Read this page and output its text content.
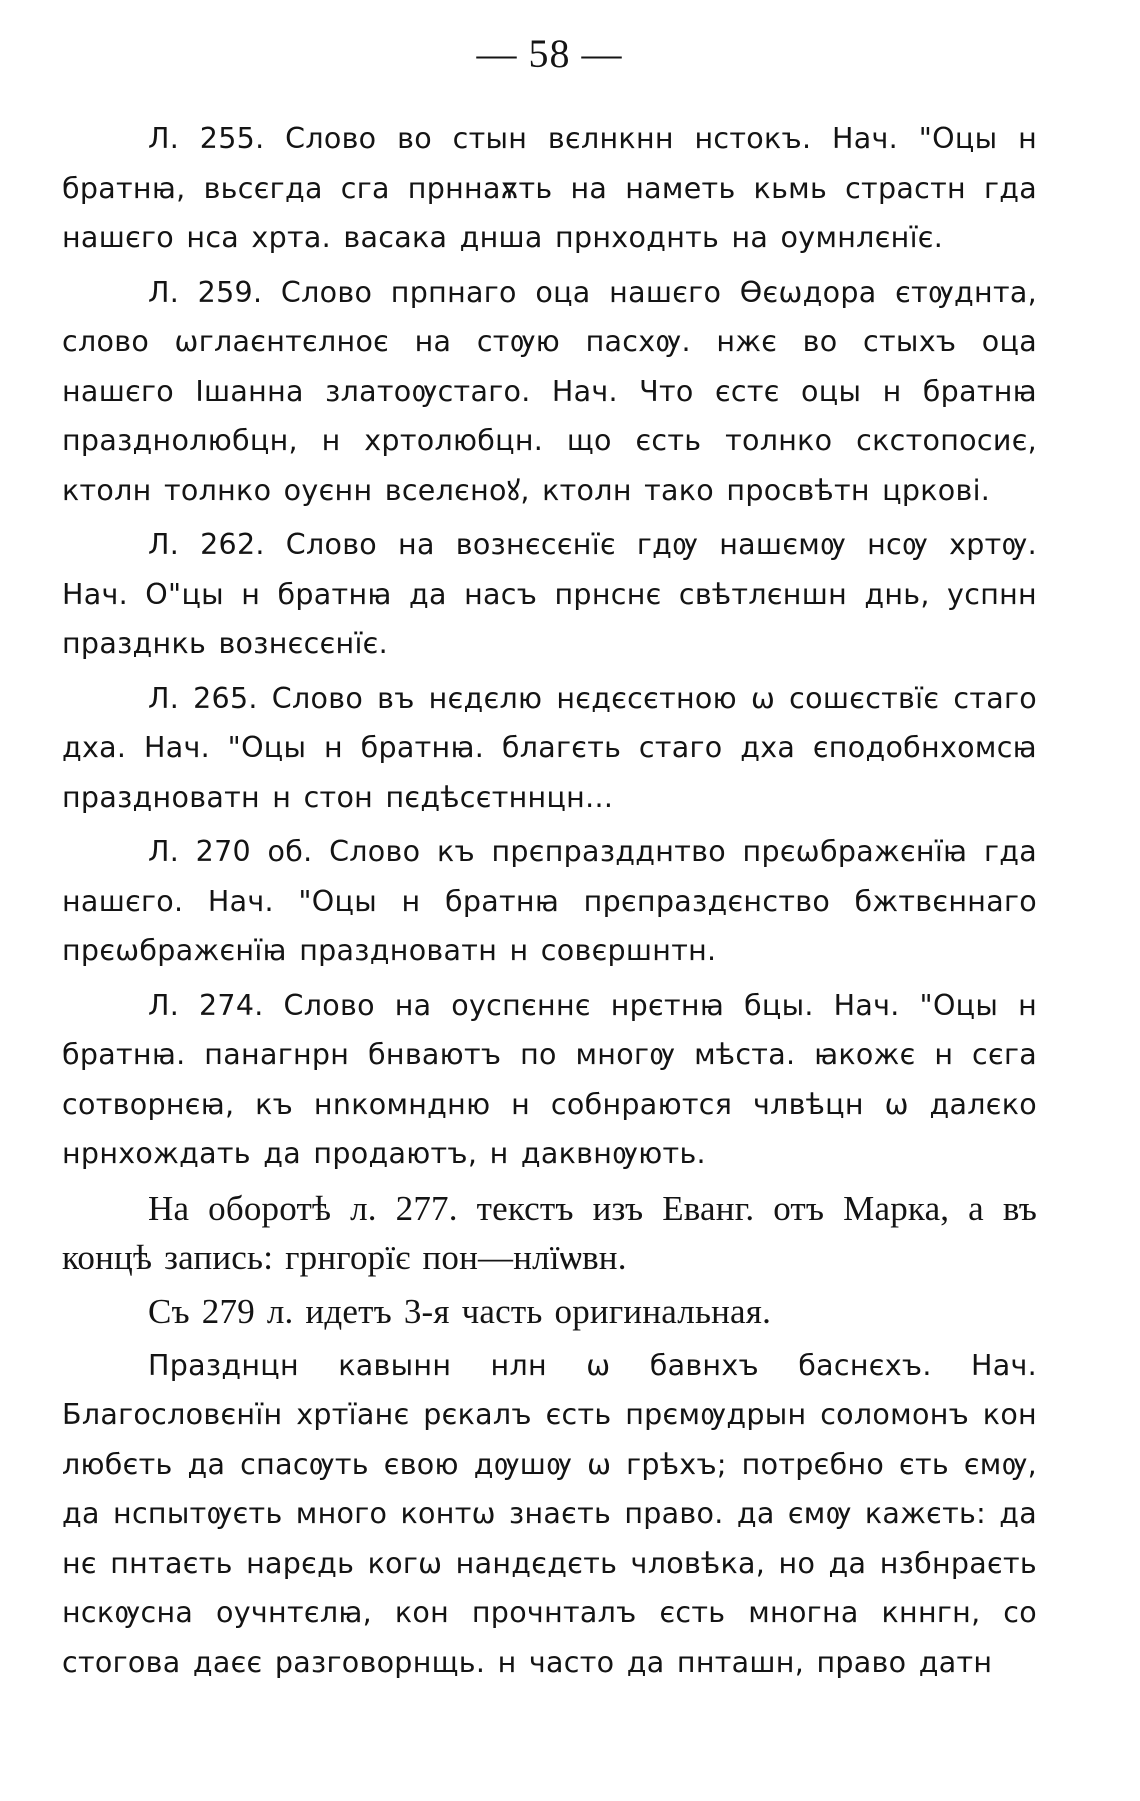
— 58 —

Л. 255. Слово во стын вєлнкнн нстокъ. Нач. "Оцы н братнꙗ, вьсєгда сга прннаѫть на наметь кьмь страстн гда нашєго нса хрта. васака днша прнходнть на оумнлєнїє.

Л. 259. Слово прпнаго оца нашєго Ѳєѡдора єтѹднта, слово ѡглаєнтєлноє на стѹю пасхѹ. нжє во стыхъ оца нашєго Ішанна златоѹстаго. Нач. Что єстє оцы н братнꙗ празднолюбцн, н хртолюбцн. що єсть толнко скстопосиє, ктолн толнко оуєнн вселєноꙋ, ктолн тако просвѣтн цркові.

Л. 262. Слово на вознєсєнїє гдѹ нашємѹ нсѹ хртѹ. Нач. О"цы н братнꙗ да насъ прнснє свѣтлєншн днь, успнн празднкь вознєсєнїє.

Л. 265. Слово въ нєдєлю нєдєсєтною ѡ сошєствїє стаго дха. Нач. "Оцы н братнꙗ. благєть стаго дха єподобнхомсꙗ праздноватн н стон пєдѣсєтннцн...

Л. 270 об. Слово къ прєпраздднтво прєѡбражєнїꙗ гда нашєго. Нач. "Оцы н братнꙗ прєпраздєнство бжтвєннаго прєѡбражєнїꙗ праздноватн н совєршнтн.

Л. 274. Слово на оуспєннє нрєтнꙗ бцы. Нач. "Оцы н братнꙗ. панагнрн бнваютъ по многѹ мѣста. ꙗкожє н сєга сотворнєꙗ, къ нnкомндню н собнраются члвѣцн ѡ далєко нрнхождать да продаютъ, н даквнѹють.

На оборотѣ л. 277. текстъ изъ Еванг. отъ Марка, а въ концѣ запись: грнгорїє пон—нлїѡвн.

Съ 279 л. идетъ 3-я часть оригинальная.

Празднцн кавынн нлн ѡ бавнхъ баснєхъ. Нач. Благословєнїн хртїанє рєкалъ єсть прємѹдрын соломонъ кон любєть да спасѹть євою дѹшѹ ѡ грѣхъ; потрєбно єть ємѹ, да нспытѹєть много контѡ знаєть право. да ємѹ кажєть: да нє пнтаєть нарєдь когѡ нандєдєть чловѣка, но да нзбнраєть нскѹсна оучнтєлꙗ, кон прочнталъ єсть многна кннгн, со стогова даєє разговорнщь. н часто да пнташн, право датн
